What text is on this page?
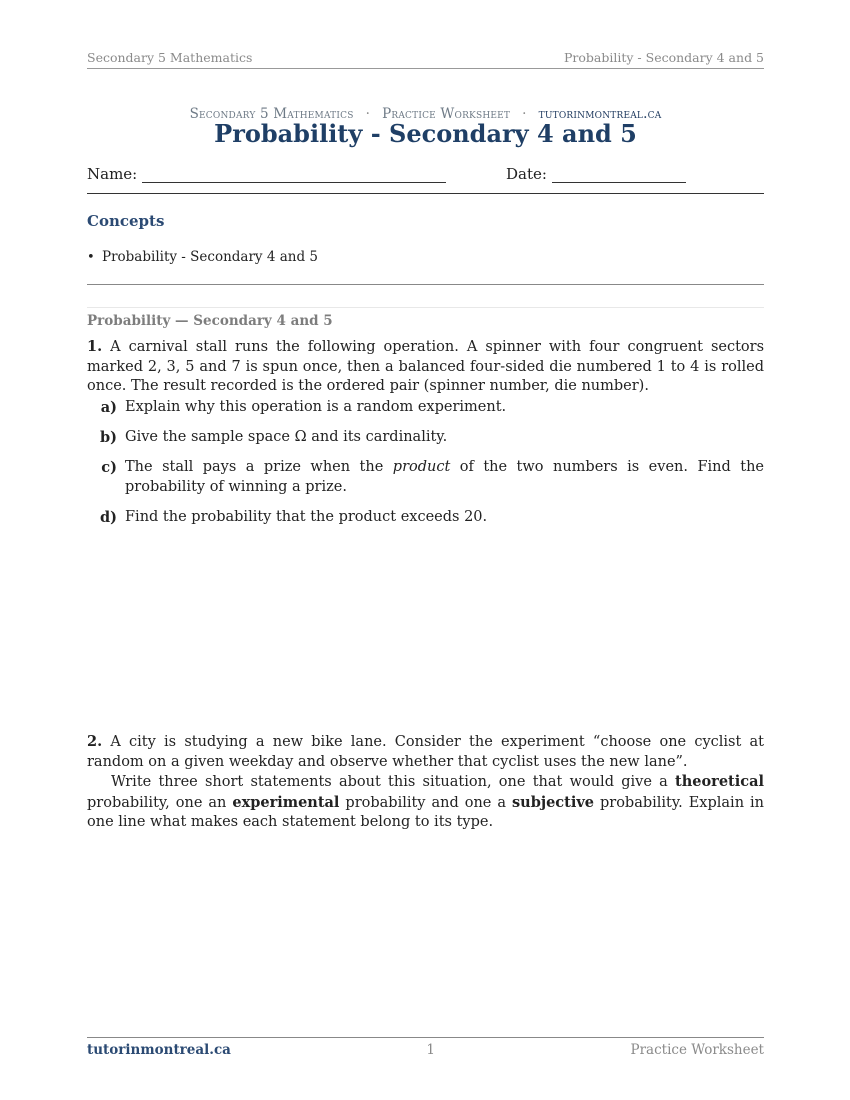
Secondary 5 Mathematics	Probability - Secondary 4 and 5
Secondary 5 Mathematics · Practice Worksheet · tutorinmontreal.ca
Probability - Secondary 4 and 5
Name:	Date:
Concepts
• Probability - Secondary 4 and 5
Probability — Secondary 4 and 5
1. A carnival stall runs the following operation. A spinner with four congruent sectors marked 2, 3, 5 and 7 is spun once, then a balanced four-sided die numbered 1 to 4 is rolled once. The result recorded is the ordered pair (spinner number, die number).
a) Explain why this operation is a random experiment.
b) Give the sample space Ω and its cardinality.
c) The stall pays a prize when the product of the two numbers is even. Find the probability of winning a prize.
d) Find the probability that the product exceeds 20.
2. A city is studying a new bike lane. Consider the experiment “choose one cyclist at random on a given weekday and observe whether that cyclist uses the new lane”.
Write three short statements about this situation, one that would give a theoretical probability, one an experimental probability and one a subjective probability. Explain in one line what makes each statement belong to its type.
tutorinmontreal.ca	1	Practice Worksheet
